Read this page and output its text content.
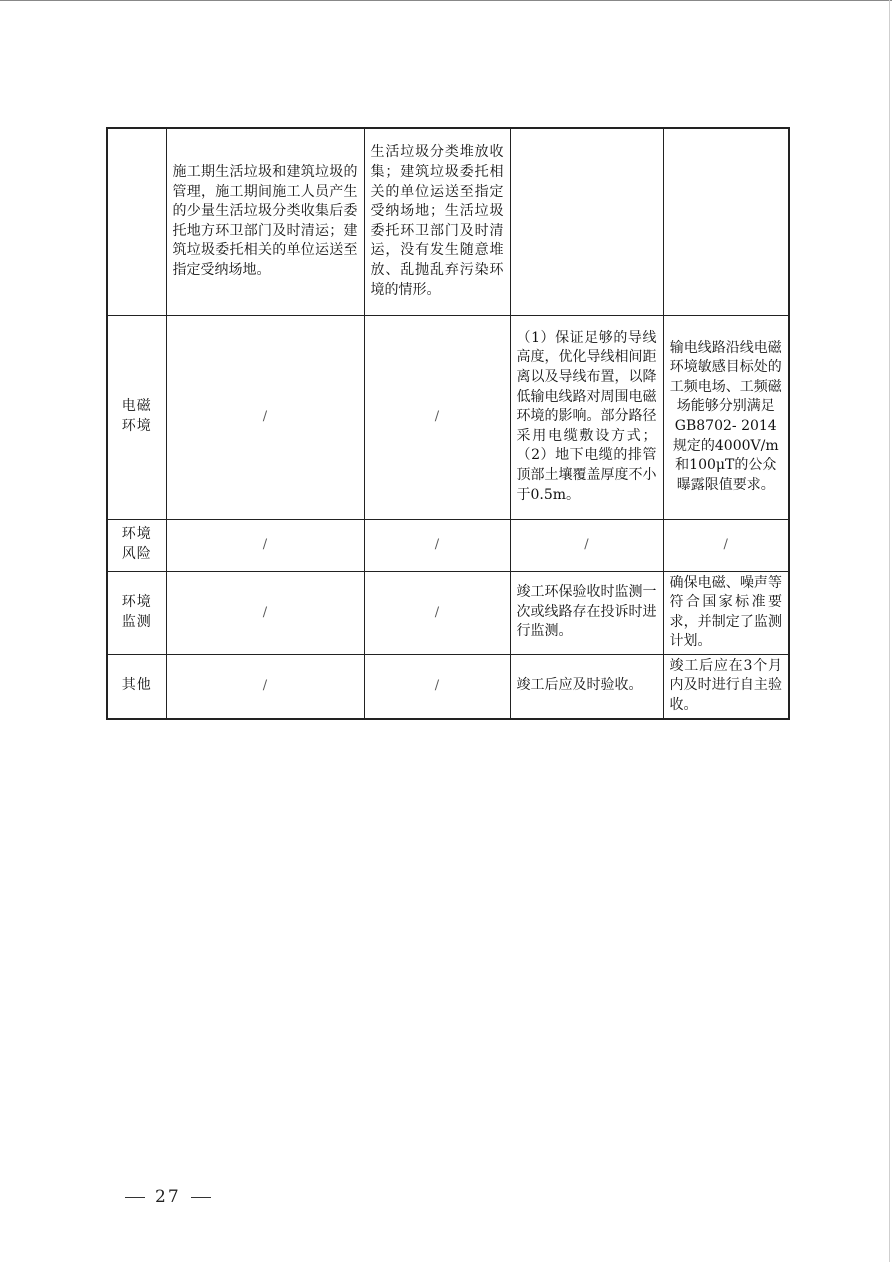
	施工期生活垃圾和建筑垃圾的管理，施工期间施工人员产生的少量生活垃圾分类收集后委托地方环卫部门及时清运；建筑垃圾委托相关的单位运送至指定受纳场地。	生活垃圾分类堆放收集；建筑垃圾委托相关的单位运送至指定受纳场地；生活垃圾委托环卫部门及时清运，没有发生随意堆放、乱抛乱弃污染环境的情形。		
电磁环境	/	/	（1）保证足够的导线高度，优化导线相间距离以及导线布置，以降低输电线路对周围电磁环境的影响。部分路径采用电缆敷设方式；（2）地下电缆的排管顶部土壤覆盖厚度不小于0.5m。	输电线路沿线电磁环境敏感目标处的工频电场、工频磁场能够分别满足GB8702- 2014规定的4000V/m和100μT的公众曝露限值要求。
环境风险	/	/	/	/
环境监测	/	/	竣工环保验收时监测一次或线路存在投诉时进行监测。	确保电磁、噪声等符合国家标准要求，并制定了监测计划。
其他	/	/	竣工后应及时验收。	竣工后应在3个月内及时进行自主验收。
27
